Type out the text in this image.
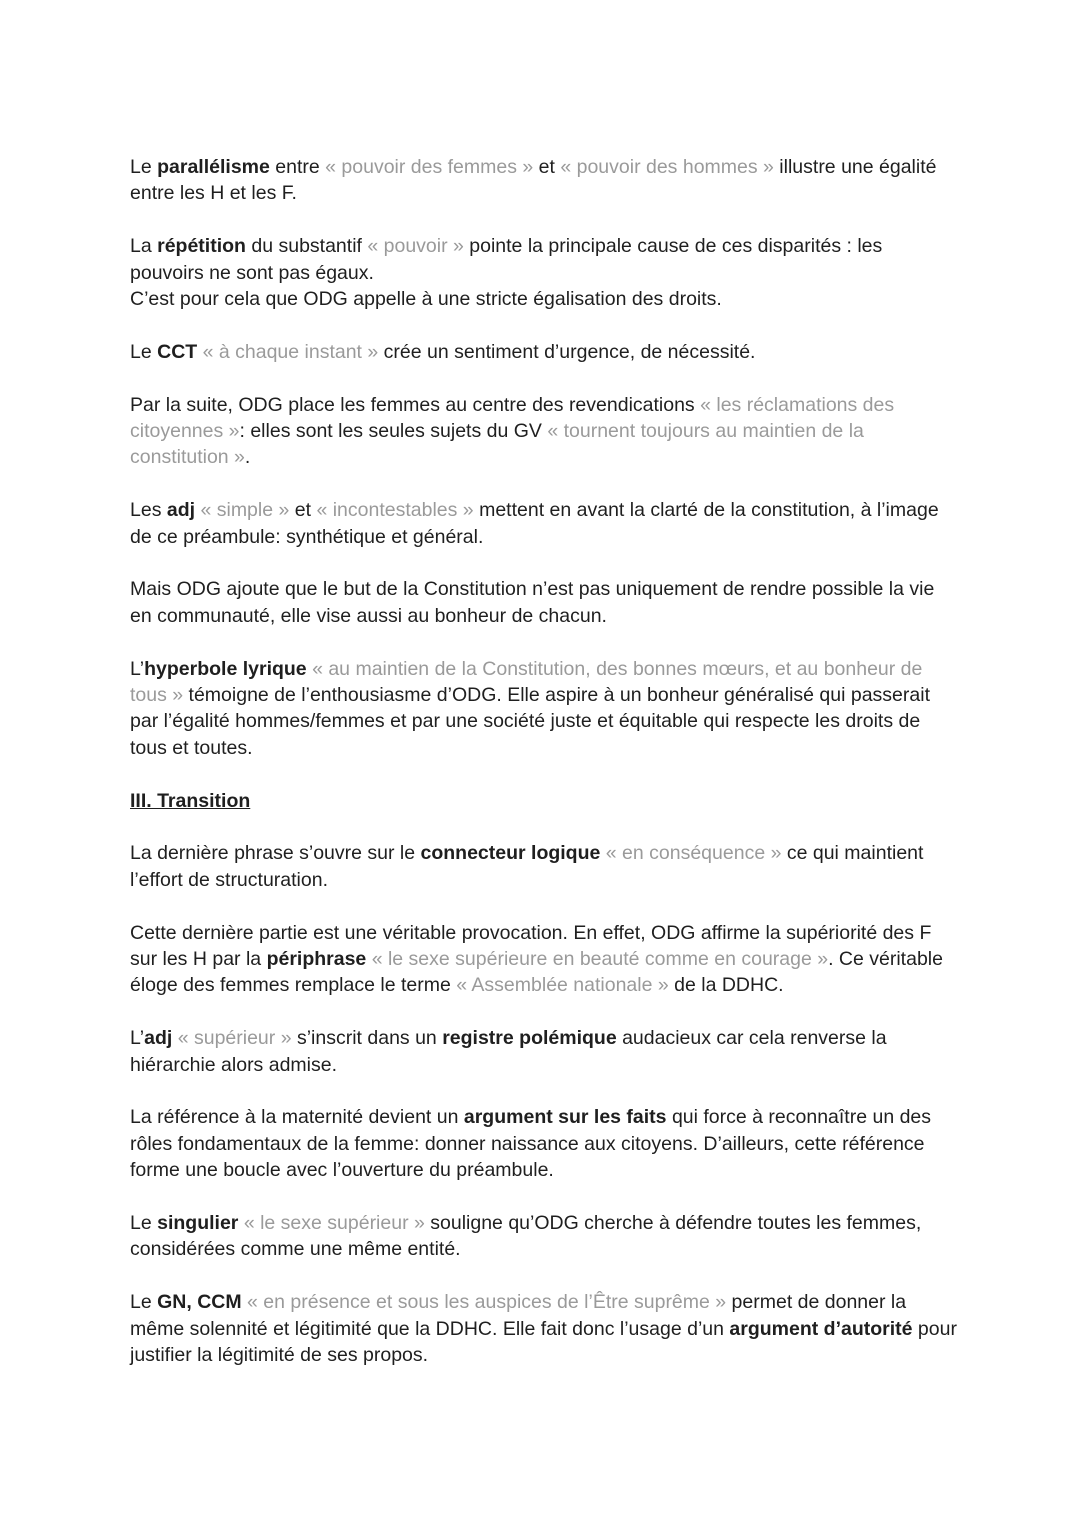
Le parallélisme entre « pouvoir des femmes » et « pouvoir des hommes » illustre une égalité entre les H et les F.

La répétition du substantif « pouvoir » pointe la principale cause de ces disparités : les pouvoirs ne sont pas égaux.
C’est pour cela que ODG appelle à une stricte égalisation des droits.

Le CCT « à chaque instant » crée un sentiment d’urgence, de nécessité.

Par la suite, ODG place les femmes au centre des revendications « les réclamations des citoyennes »: elles sont les seules sujets du GV « tournent toujours au maintien de la constitution ».

Les adj « simple » et « incontestables » mettent en avant la clarté de la constitution, à l’image de ce préambule: synthétique et général.

Mais ODG ajoute que le but de la Constitution n’est pas uniquement de rendre possible la vie en communauté, elle vise aussi au bonheur de chacun.

L’hyperbole lyrique « au maintien de la Constitution, des bonnes mœurs, et au bonheur de tous » témoigne de l’enthousiasme d’ODG. Elle aspire à un bonheur généralisé qui passerait par l’égalité hommes/femmes et par une société juste et équitable qui respecte les droits de tous et toutes.

III. Transition

La dernière phrase s’ouvre sur le connecteur logique « en conséquence » ce qui maintient l’effort de structuration.

Cette dernière partie est une véritable provocation. En effet, ODG affirme la supériorité des F sur les H par la périphrase « le sexe supérieure en beauté comme en courage ». Ce véritable éloge des femmes remplace le terme « Assemblée nationale » de la DDHC.

L’adj « supérieur » s’inscrit dans un registre polémique audacieux car cela renverse la hiérarchie alors admise.

La référence à la maternité devient un argument sur les faits qui force à reconnaître un des rôles fondamentaux de la femme: donner naissance aux citoyens. D’ailleurs, cette référence forme une boucle avec l’ouverture du préambule.

Le singulier « le sexe supérieur » souligne qu’ODG cherche à défendre toutes les femmes, considérées comme une même entité.

Le GN, CCM « en présence et sous les auspices de l’Être suprême » permet de donner la même solennité et légitimité que la DDHC. Elle fait donc l’usage d’un argument d’autorité pour justifier la légitimité de ses propos.
